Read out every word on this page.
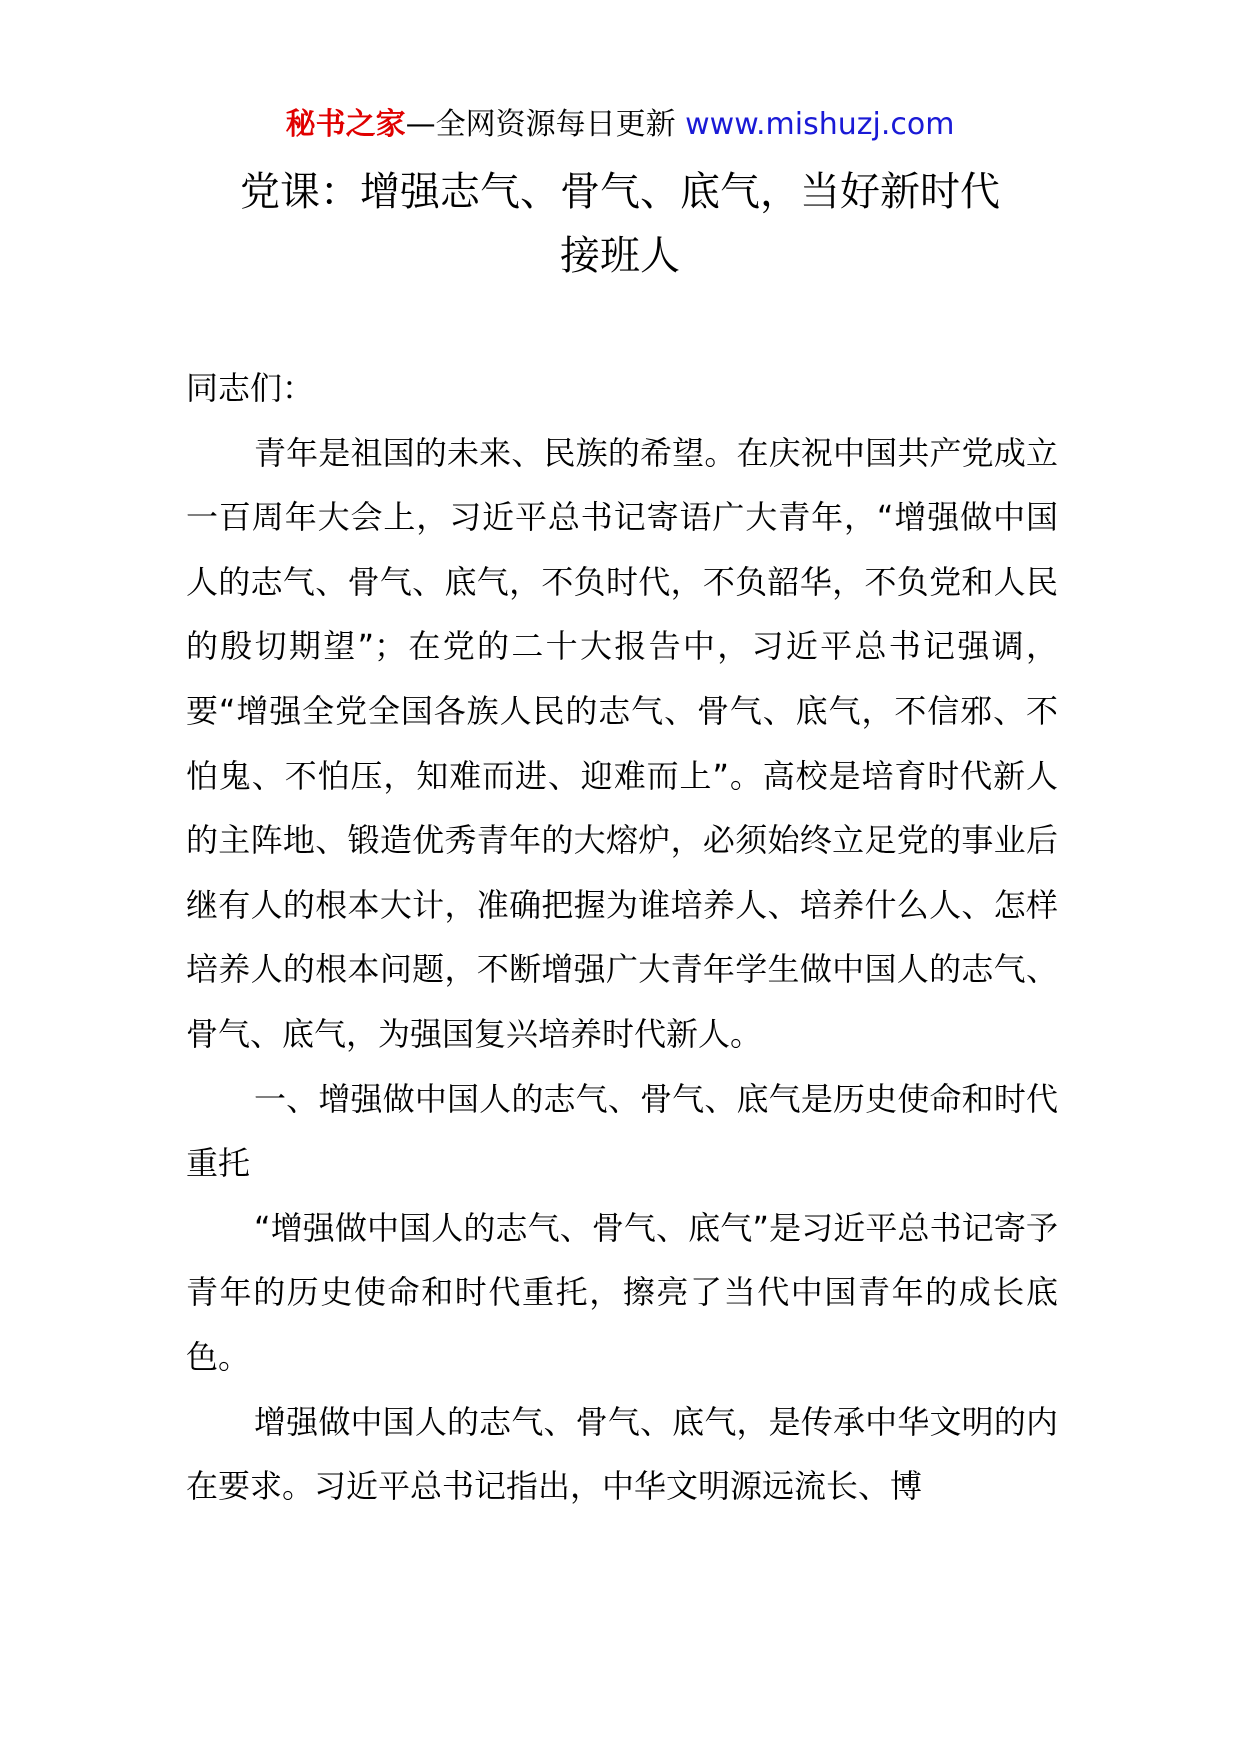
秘书之家—全网资源每日更新 www.mishuzj.com
党课：增强志气、骨气、底气，当好新时代
接班人

同志们：

青年是祖国的未来、民族的希望。在庆祝中国共产党成立一百周年大会上，习近平总书记寄语广大青年，“增强做中国人的志气、骨气、底气，不负时代，不负韶华，不负党和人民的殷切期望”；在党的二十大报告中，习近平总书记强调，要“增强全党全国各族人民的志气、骨气、底气，不信邪、不怕鬼、不怕压，知难而进、迎难而上”。高校是培育时代新人的主阵地、锻造优秀青年的大熔炉，必须始终立足党的事业后继有人的根本大计，准确把握为谁培养人、培养什么人、怎样培养人的根本问题，不断增强广大青年学生做中国人的志气、骨气、底气，为强国复兴培养时代新人。

一、增强做中国人的志气、骨气、底气是历史使命和时代重托

“增强做中国人的志气、骨气、底气”是习近平总书记寄予青年的历史使命和时代重托，擦亮了当代中国青年的成长底色。

增强做中国人的志气、骨气、底气，是传承中华文明的内在要求。习近平总书记指出，中华文明源远流长、博
